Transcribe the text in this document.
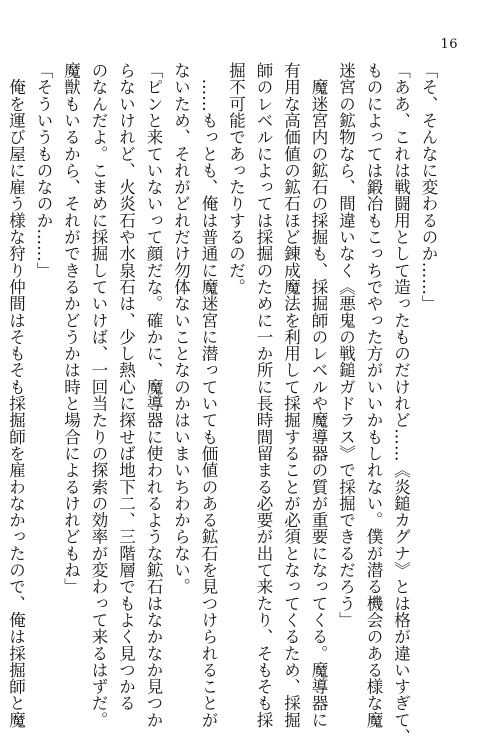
16

「そ、そんなに変わるのか……」

「ああ、これは戦闘用として造ったものだけれど……《炎鎚カグナ》とは格が違いすぎて、

ものによっては鍛冶もこっちでやった方がいいかもしれない。僕が潜る機会のある様な魔

迷宮の鉱物なら、間違いなく《悪鬼の戦鎚ガドラス》で採掘できるだろう」

　魔迷宮内の鉱石の採掘も、採掘師のレベルや魔導器の質が重要になってくる。魔導器に

有用な高価値の鉱石ほど錬成魔法を利用して採掘することが必須となってくるため、採掘

師のレベルによっては採掘のために一か所に長時間留まる必要が出て来たり、そもそも採

掘不可能であったりするのだ。

　……もっとも、俺は普通に魔迷宮に潜っていても価値のある鉱石を見つけられることが

ないため、それがどれだけ勿体ないことなのかはいまいちわからない。

「ピンと来ていないって顔だな。確かに、魔導器に使われるような鉱石はなかなか見つか

らないけれど、火炎石や水泉石は、少し熱心に探せば地下二、三階層でもよく見つかる

のなんだよ。こまめに採掘していけば、一回当たりの探索の効率が変わって来るはずだ。

魔獣もいるから、それができるかどうかは時と場合によるけれどもね」

「そういうものなのか……」

　俺を運び屋に雇う様な狩り仲間はそもそも採掘師を雇わなかったので、俺は採掘師と魔
